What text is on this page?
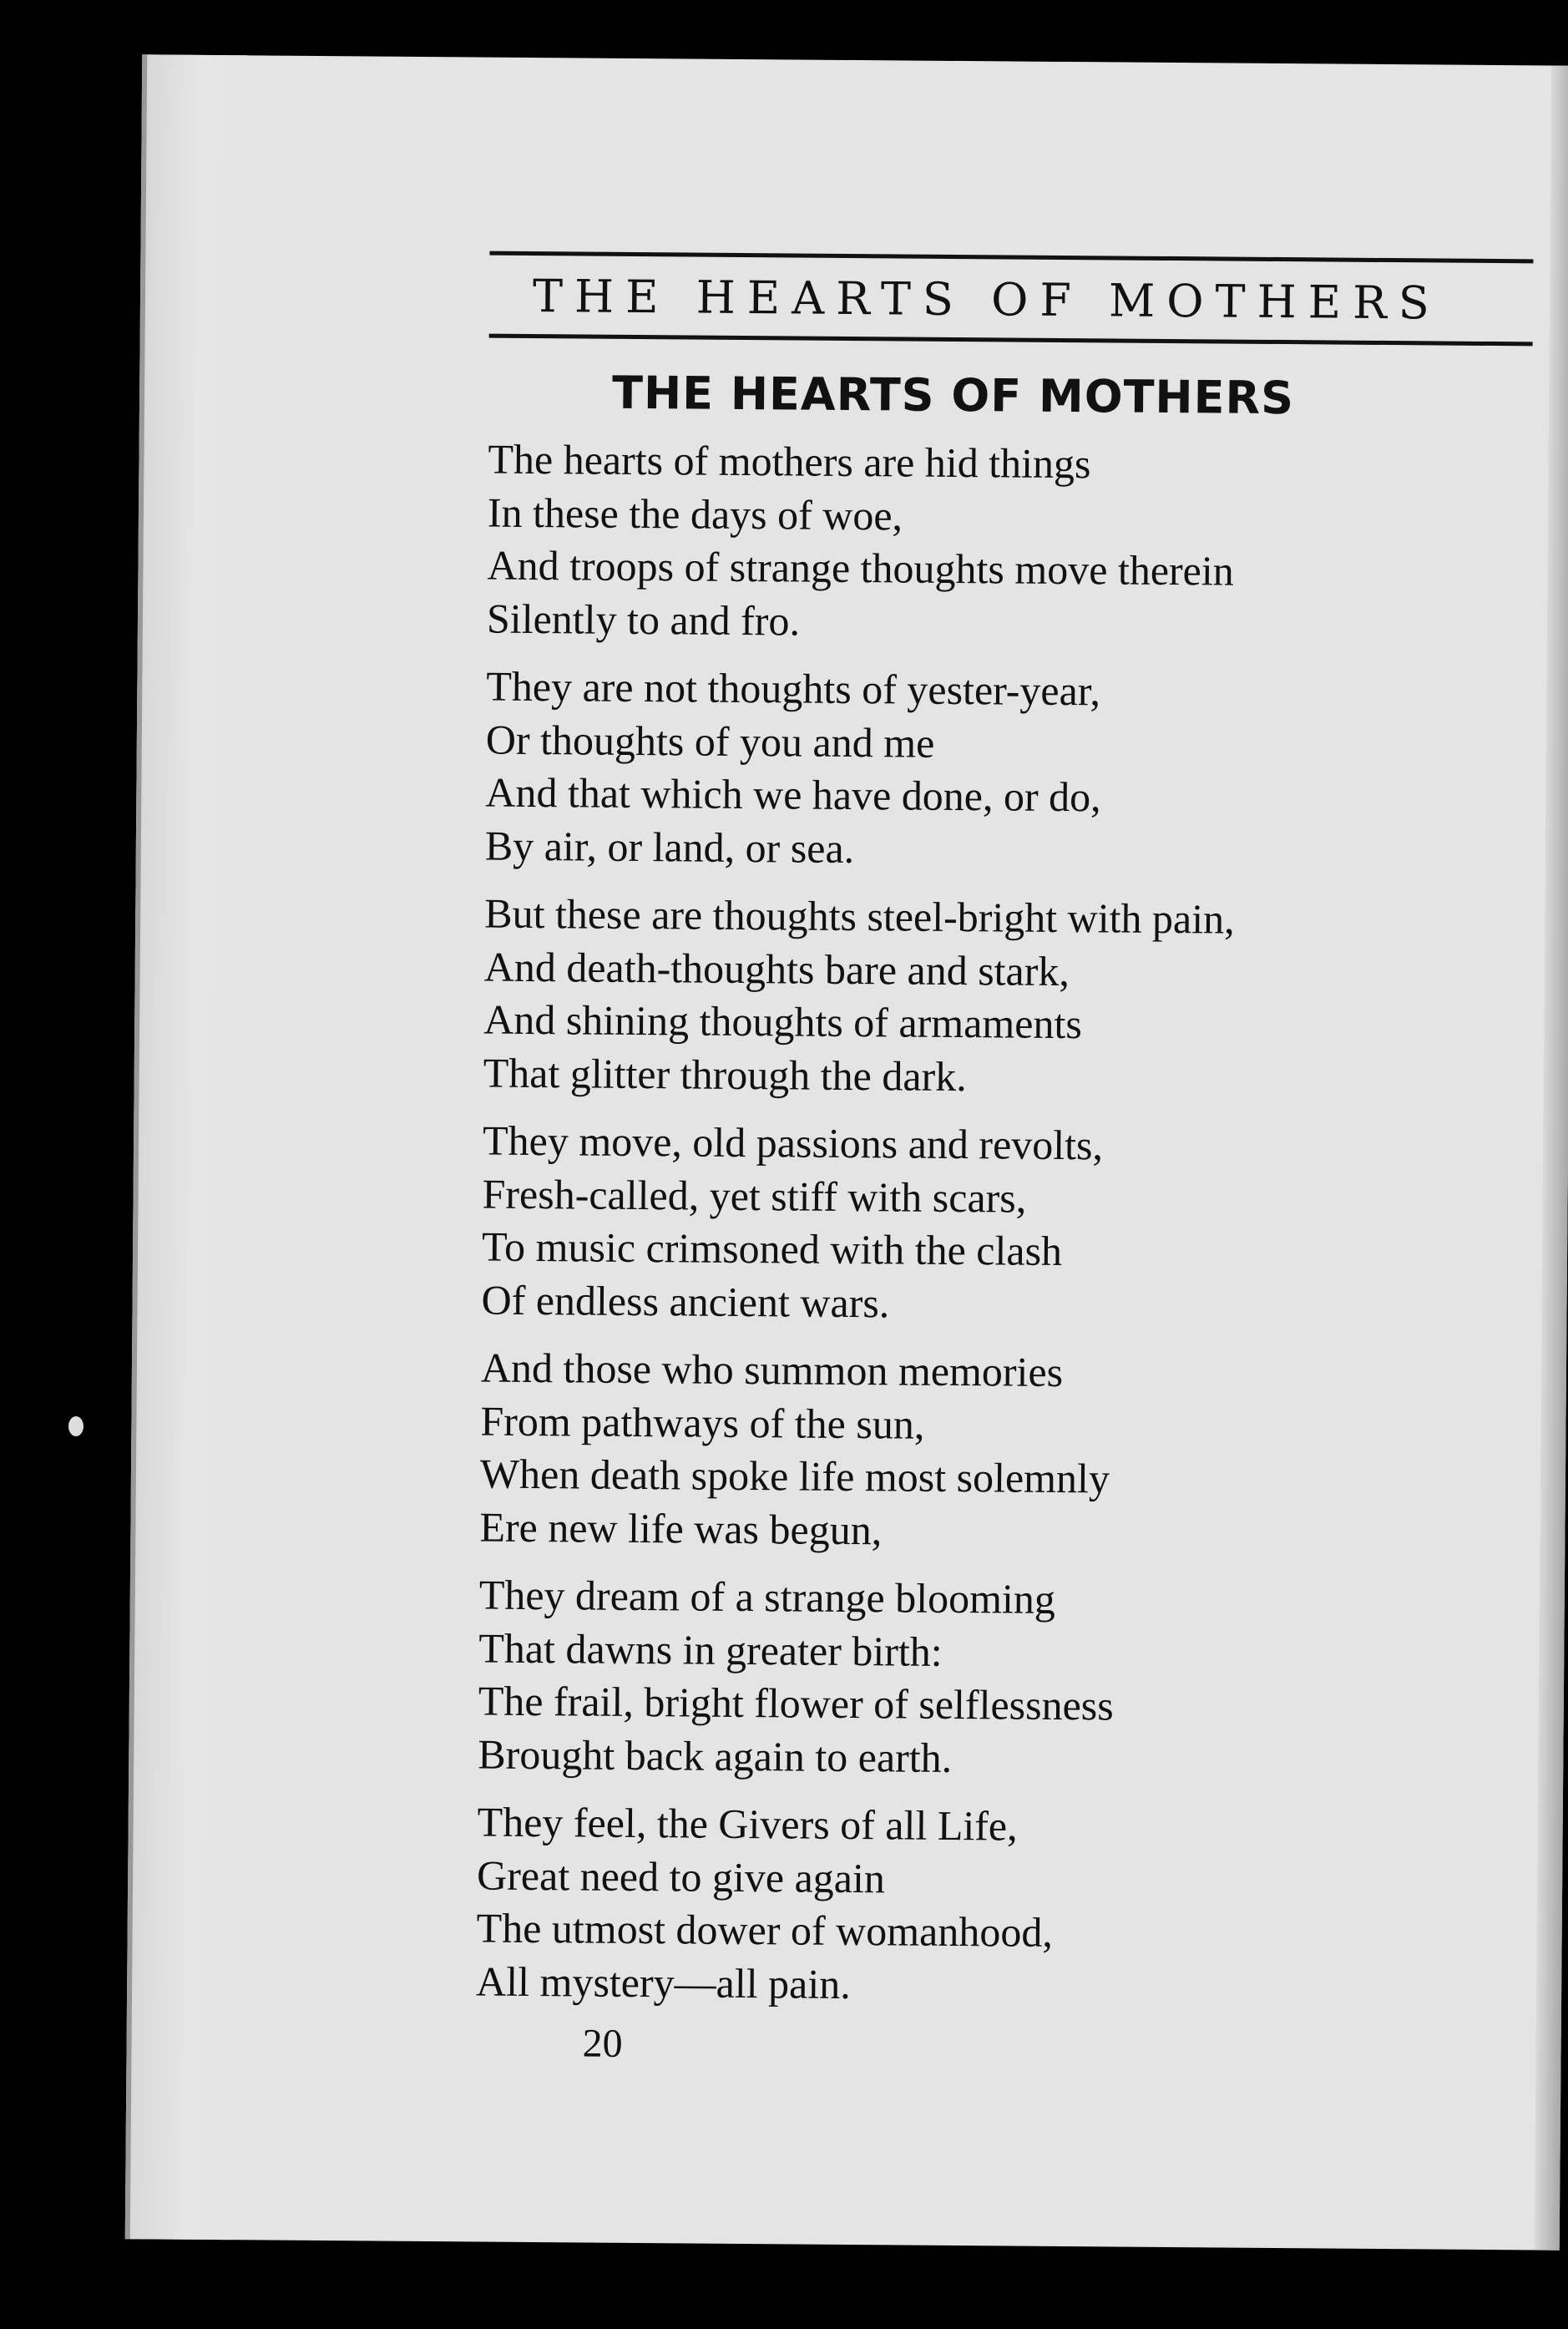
THE HEARTS OF MOTHERS
THE HEARTS OF MOTHERS
The hearts of mothers are hid things
In these the days of woe,
And troops of strange thoughts move therein
Silently to and fro.
They are not thoughts of yester-year,
Or thoughts of you and me
And that which we have done, or do,
By air, or land, or sea.
But these are thoughts steel-bright with pain,
And death-thoughts bare and stark,
And shining thoughts of armaments
That glitter through the dark.
They move, old passions and revolts,
Fresh-called, yet stiff with scars,
To music crimsoned with the clash
Of endless ancient wars.
And those who summon memories
From pathways of the sun,
When death spoke life most solemnly
Ere new life was begun,
They dream of a strange blooming
That dawns in greater birth:
The frail, bright flower of selflessness
Brought back again to earth.
They feel, the Givers of all Life,
Great need to give again
The utmost dower of womanhood,
All mystery—all pain.
20
